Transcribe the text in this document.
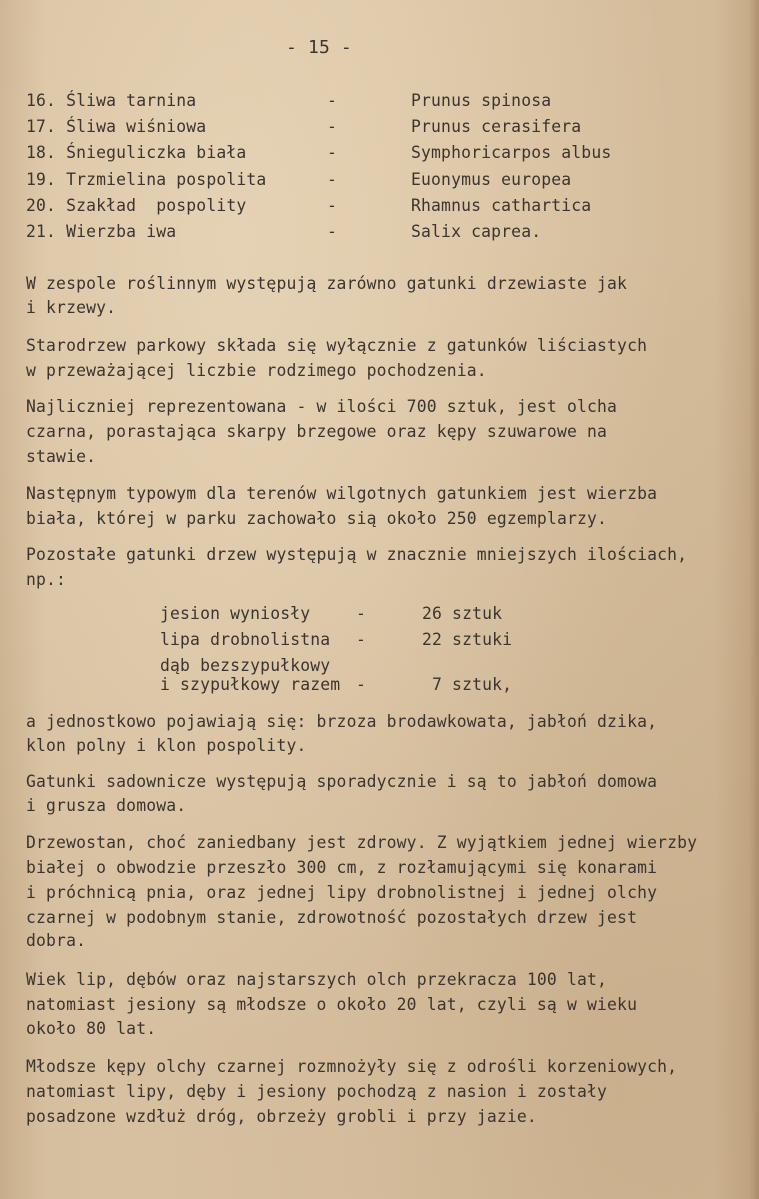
- 15 -
16. Śliwa tarnina	-	Prunus spinosa
17. Śliwa wiśniowa	-	Prunus cerasifera
18. Śnieguliczka biała	-	Symphoricarpos albus
19. Trzmielina pospolita	-	Euonymus europea
20. Szakład  pospolity	-	Rhamnus cathartica
21. Wierzba iwa	-	Salix caprea.
W zespole roślinnym występują zarówno gatunki drzewiaste jak
i krzewy.
Starodrzew parkowy składa się wyłącznie z gatunków liściastych
w przeważającej liczbie rodzimego pochodzenia.
Najliczniej reprezentowana - w ilości 700 sztuk, jest olcha
czarna, porastająca skarpy brzegowe oraz kępy szuwarowe na
stawie.
Następnym typowym dla terenów wilgotnych gatunkiem jest wierzba
biała, której w parku zachowało sią około 250 egzemplarzy.
Pozostałe gatunki drzew występują w znacznie mniejszych ilościach,
np.:
jesion wyniosły	-	26 sztuk
lipa drobnolistna -	22 sztuki
dąb bezszypułkowy
i szypułkowy razem -	7 sztuk,
a jednostkowo pojawiają się: brzoza brodawkowata, jabłoń dzika,
klon polny i klon pospolity.
Gatunki sadownicze występują sporadycznie i są to jabłoń domowa
i grusza domowa.
Drzewostan, choć zaniedbany jest zdrowy. Z wyjątkiem jednej wierzby
białej o obwodzie przeszło 300 cm, z rozłamującymi się konarami
i próchnicą pnia, oraz jednej lipy drobnolistnej i jednej olchy
czarnej w podobnym stanie, zdrowotność pozostałych drzew jest
dobra.
Wiek lip, dębów oraz najstarszych olch przekracza 100 lat,
natomiast jesiony są młodsze o około 20 lat, czyli są w wieku
około 80 lat.
Młodsze kępy olchy czarnej rozmnożyły się z odrośli korzeniowych,
natomiast lipy, dęby i jesiony pochodzą z nasion i zostały
posadzone wzdłuż dróg, obrzeży grobli i przy jazie.
